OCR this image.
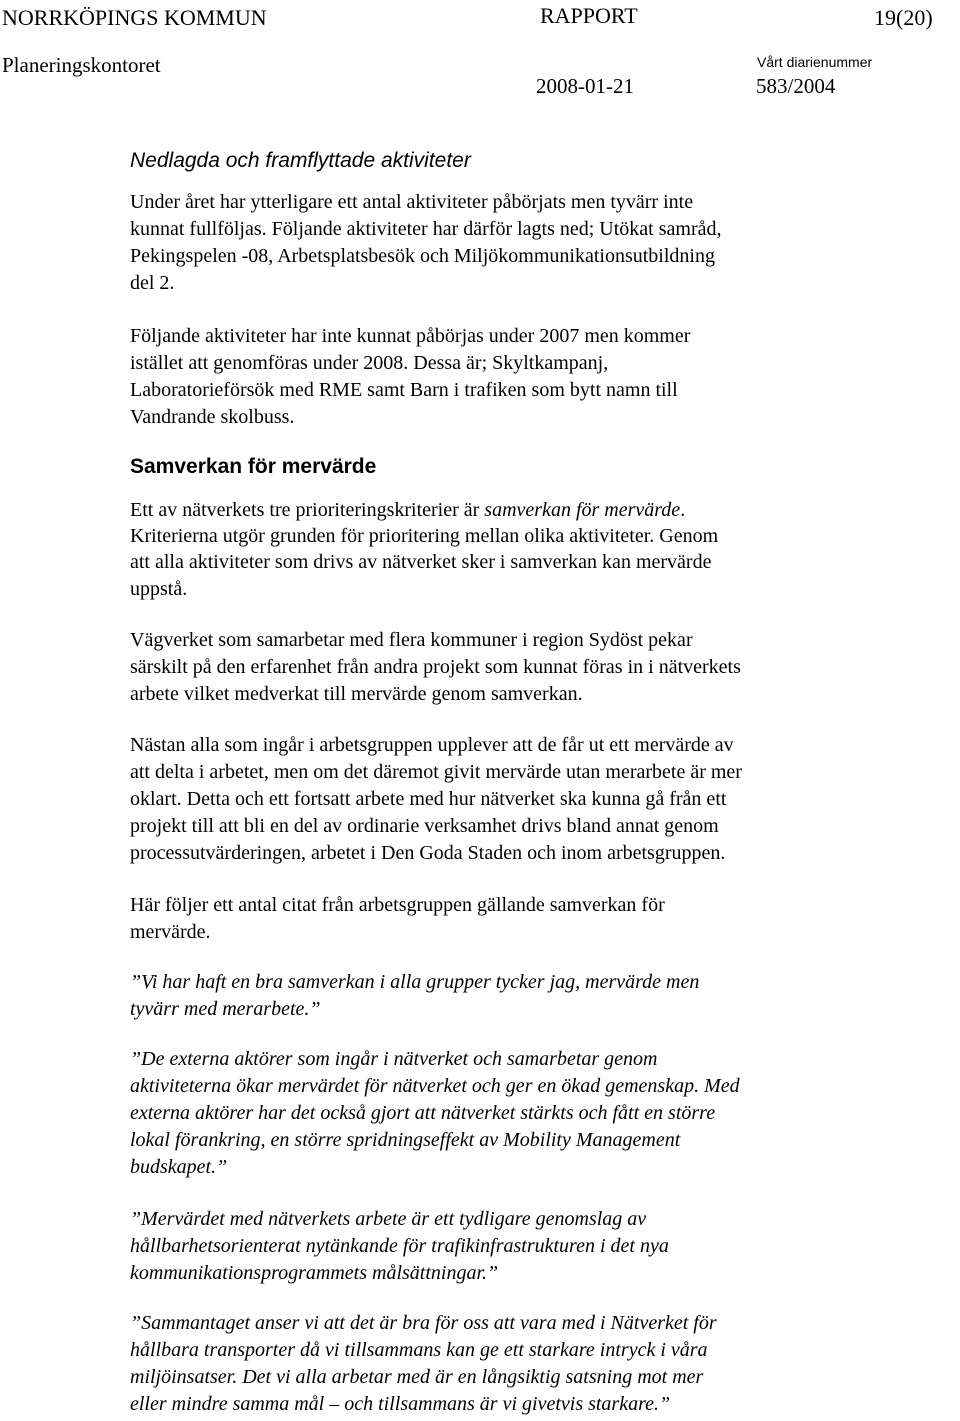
NORRKÖPINGS KOMMUN	RAPPORT	19(20)
Planeringskontoret	Vårt diarienummer
2008-01-21	583/2004
Nedlagda och framflyttade aktiviteter
Under året har ytterligare ett antal aktiviteter påbörjats men tyvärr inte
kunnat fullföljas. Följande aktiviteter har därför lagts ned; Utökat samråd,
Pekingspelen -08, Arbetsplatsbesök och Miljökommunikationsutbildning
del 2.
Följande aktiviteter har inte kunnat påbörjas under 2007 men kommer
istället att genomföras under 2008. Dessa är; Skyltkampanj,
Laboratorieförsök med RME samt Barn i trafiken som bytt namn till
Vandrande skolbuss.
Samverkan för mervärde
Ett av nätverkets tre prioriteringskriterier är samverkan för mervärde.
Kriterierna utgör grunden för prioritering mellan olika aktiviteter. Genom
att alla aktiviteter som drivs av nätverket sker i samverkan kan mervärde
uppstå.
Vägverket som samarbetar med flera kommuner i region Sydöst pekar
särskilt på den erfarenhet från andra projekt som kunnat föras in i nätverkets
arbete vilket medverkat till mervärde genom samverkan.
Nästan alla som ingår i arbetsgruppen upplever att de får ut ett mervärde av
att delta i arbetet, men om det däremot givit mervärde utan merarbete är mer
oklart. Detta och ett fortsatt arbete med hur nätverket ska kunna gå från ett
projekt till att bli en del av ordinarie verksamhet drivs bland annat genom
processutvärderingen, arbetet i Den Goda Staden och inom arbetsgruppen.
Här följer ett antal citat från arbetsgruppen gällande samverkan för
mervärde.
”Vi har haft en bra samverkan i alla grupper tycker jag, mervärde men
tyvärr med merarbete.”
”De externa aktörer som ingår i nätverket och samarbetar genom
aktiviteterna ökar mervärdet för nätverket och ger en ökad gemenskap. Med
externa aktörer har det också gjort att nätverket stärkts och fått en större
lokal förankring, en större spridningseffekt av Mobility Management
budskapet.”
”Mervärdet med nätverkets arbete är ett tydligare genomslag av
hållbarhetsorienterat nytänkande för trafikinfrastrukturen i det nya
kommunikationsprogrammets målsättningar.”
”Sammantaget anser vi att det är bra för oss att vara med i Nätverket för
hållbara transporter då vi tillsammans kan ge ett starkare intryck i våra
miljöinsatser. Det vi alla arbetar med är en långsiktig satsning mot mer
eller mindre samma mål – och tillsammans är vi givetvis starkare.”
